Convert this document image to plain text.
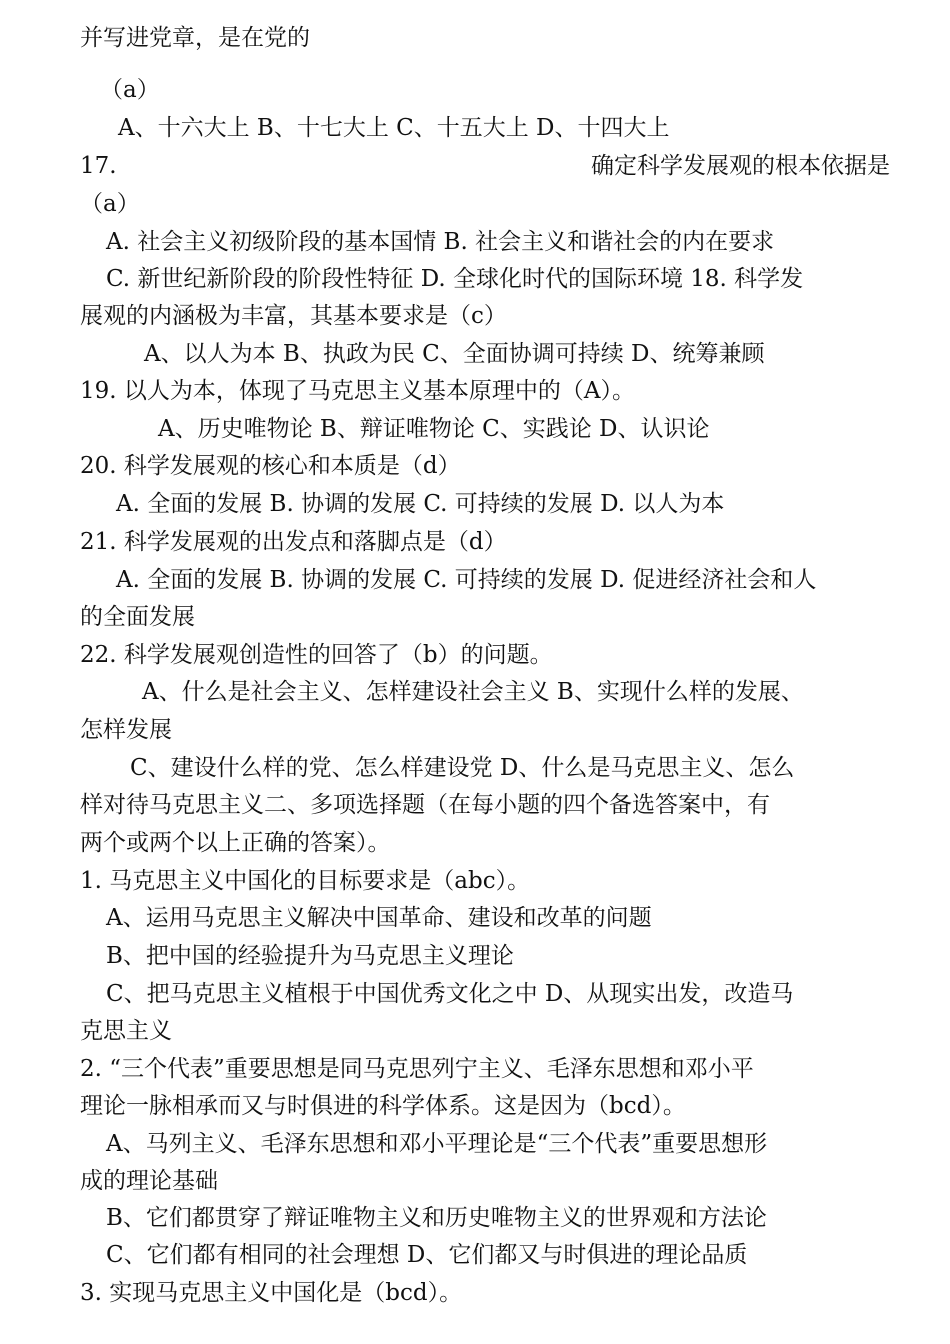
并写进党章，是在党的
（a）
A、十六大上 B、十七大上 C、十五大上 D、十四大上
17.	确定科学发展观的根本依据是
（a）
A. 社会主义初级阶段的基本国情 B. 社会主义和谐社会的内在要求
C. 新世纪新阶段的阶段性特征 D. 全球化时代的国际环境 18. 科学发
展观的内涵极为丰富，其基本要求是（c）
A、以人为本 B、执政为民 C、全面协调可持续 D、统筹兼顾
19. 以人为本，体现了马克思主义基本原理中的（A）。
A、历史唯物论 B、辩证唯物论 C、实践论 D、认识论
20. 科学发展观的核心和本质是（d）
A. 全面的发展 B. 协调的发展 C. 可持续的发展 D. 以人为本
21. 科学发展观的出发点和落脚点是（d）
A. 全面的发展 B. 协调的发展 C. 可持续的发展 D. 促进经济社会和人
的全面发展
22. 科学发展观创造性的回答了（b）的问题。
A、什么是社会主义、怎样建设社会主义 B、实现什么样的发展、
怎样发展
C、建设什么样的党、怎么样建设党 D、什么是马克思主义、怎么
样对待马克思主义二、多项选择题（在每小题的四个备选答案中，有
两个或两个以上正确的答案）。
1. 马克思主义中国化的目标要求是（abc）。
A、运用马克思主义解决中国革命、建设和改革的问题
B、把中国的经验提升为马克思主义理论
C、把马克思主义植根于中国优秀文化之中 D、从现实出发，改造马
克思主义
2. “三个代表”重要思想是同马克思列宁主义、毛泽东思想和邓小平
理论一脉相承而又与时俱进的科学体系。这是因为（bcd）。
A、马列主义、毛泽东思想和邓小平理论是“三个代表”重要思想形
成的理论基础
B、它们都贯穿了辩证唯物主义和历史唯物主义的世界观和方法论
C、它们都有相同的社会理想 D、它们都又与时俱进的理论品质
3. 实现马克思主义中国化是（bcd）。
